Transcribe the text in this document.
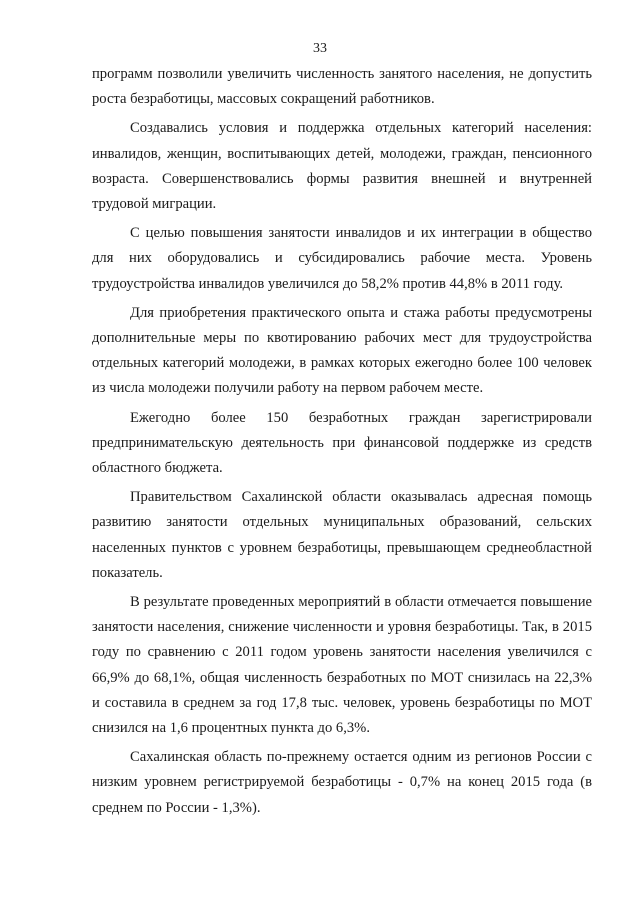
33

программ позволили увеличить численность занятого населения, не допустить роста безработицы, массовых сокращений работников.

Создавались условия и поддержка отдельных категорий населения: инвалидов, женщин, воспитывающих детей, молодежи, граждан, пенсионного возраста. Совершенствовались формы развития внешней и внутренней трудовой миграции.

С целью повышения занятости инвалидов и их интеграции в общество для них оборудовались и субсидировались рабочие места. Уровень трудоустройства инвалидов увеличился до 58,2% против 44,8% в 2011 году.

Для приобретения практического опыта и стажа работы предусмотрены дополнительные меры по квотированию рабочих мест для трудоустройства отдельных категорий молодежи, в рамках которых ежегодно более 100 человек из числа молодежи получили работу на первом рабочем месте.

Ежегодно более 150 безработных граждан зарегистрировали предпринимательскую деятельность при финансовой поддержке из средств областного бюджета.

Правительством Сахалинской области оказывалась адресная помощь развитию занятости отдельных муниципальных образований, сельских населенных пунктов с уровнем безработицы, превышающем среднеобластной показатель.

В результате проведенных мероприятий в области отмечается повышение занятости населения, снижение численности и уровня безработицы. Так, в 2015 году по сравнению с 2011 годом уровень занятости населения увеличился с 66,9% до 68,1%, общая численность безработных по МОТ снизилась на 22,3% и составила в среднем за год 17,8 тыс. человек, уровень безработицы по МОТ снизился на 1,6 процентных пункта до 6,3%.

Сахалинская область по-прежнему остается одним из регионов России с низким уровнем регистрируемой безработицы - 0,7% на конец 2015 года (в среднем по России - 1,3%).
